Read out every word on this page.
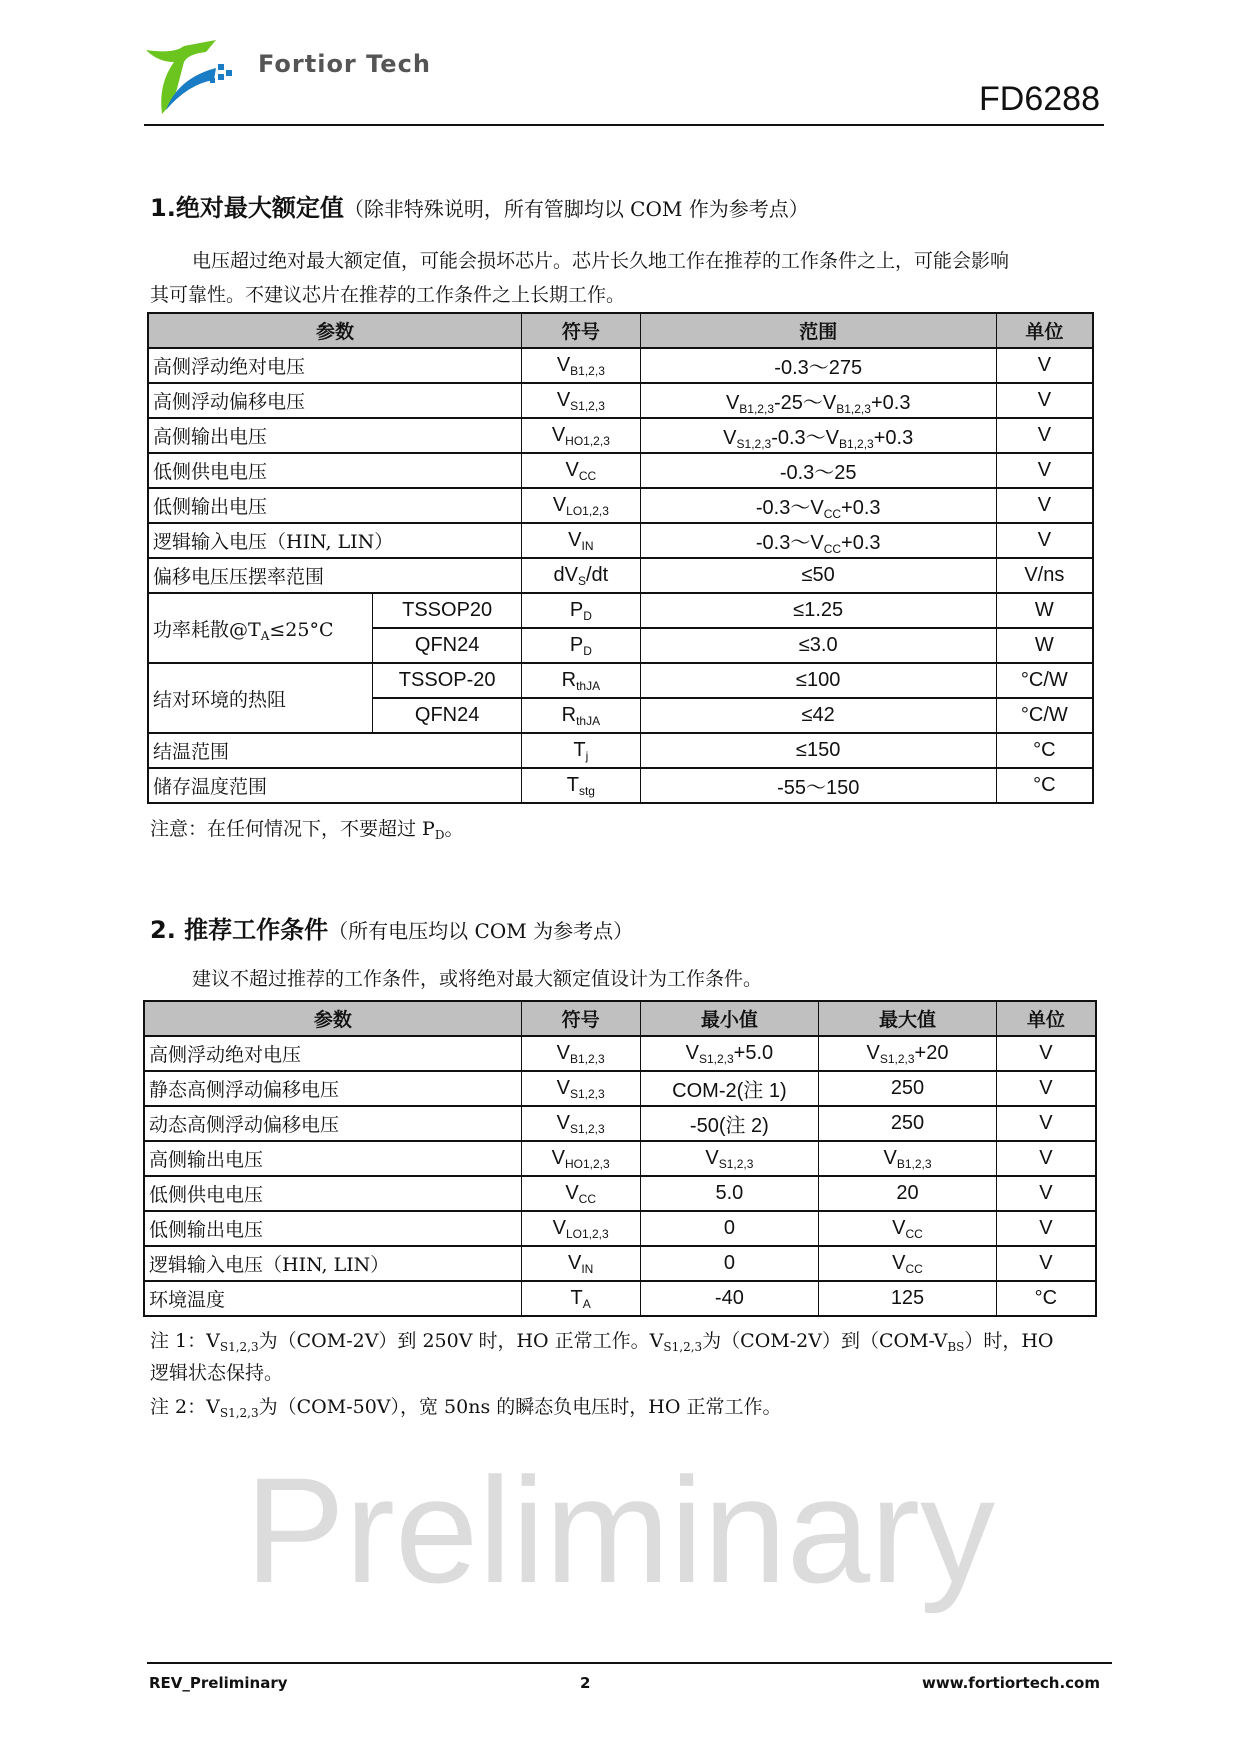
Fortior Tech
FD6288
1.绝对最大额定值（除非特殊说明，所有管脚均以 COM 作为参考点）
电压超过绝对最大额定值，可能会损坏芯片。芯片长久地工作在推荐的工作条件之上，可能会影响
其可靠性。不建议芯片在推荐的工作条件之上长期工作。
参数		符号	范围	单位
高侧浮动绝对电压		$V_{B1,2,3}$	-0.3～275	V
高侧浮动偏移电压		$V_{S1,2,3}$	$V_{B1,2,3}-25\sim V_{B1,2,3}+0.3$	V
高侧输出电压		$V_{HO1,2,3}$	$V_{S1,2,3}-0.3\sim V_{B1,2,3}+0.3$	V
低侧供电电压		$V_{CC}$	-0.3～25	V
低侧输出电压		$V_{LO1,2,3}$	$-0.3\sim V_{CC}+0.3$	V
逻辑输入电压（HIN, LIN）		$V_{IN}$	$-0.3\sim V_{CC}+0.3$	V
偏移电压压摆率范围		$dV_S/dt$	≤50	V/ns
功率耗散$@T_A\le 25^\circ C$	TSSOP20	$P_D$	≤1.25	W
	QFN24	$P_D$	≤3.0	W
结对环境的热阻	TSSOP-20	$R_{thJA}$	≤100	°C/W
	QFN24	$R_{thJA}$	≤42	°C/W
结温范围		$T_j$	≤150	°C
储存温度范围		$T_{stg}$	-55～150	°C
注意：在任何情况下，不要超过 $P_D$。
2. 推荐工作条件（所有电压均以 COM 为参考点）
建议不超过推荐的工作条件，或将绝对最大额定值设计为工作条件。
参数	符号	最小值	最大值	单位
高侧浮动绝对电压	$V_{B1,2,3}$	$V_{S1,2,3}+5.0$	$V_{S1,2,3}+20$	V
静态高侧浮动偏移电压	$V_{S1,2,3}$	COM-2(注 1)	250	V
动态高侧浮动偏移电压	$V_{S1,2,3}$	-50(注 2)	250	V
高侧输出电压	$V_{HO1,2,3}$	$V_{S1,2,3}$	$V_{B1,2,3}$	V
低侧供电电压	$V_{CC}$	5.0	20	V
低侧输出电压	$V_{LO1,2,3}$	0	$V_{CC}$	V
逻辑输入电压（HIN, LIN）	$V_{IN}$	0	$V_{CC}$	V
环境温度	$T_A$	-40	125	°C
注 1：$V_{S1,2,3}$为（COM-2V）到 250V 时，HO 正常工作。$V_{S1,2,3}$为（COM-2V）到$(COM-V_{BS})$时，HO
逻辑状态保持。
注 2：$V_{S1,2,3}$为（COM-50V），宽 50ns 的瞬态负电压时，HO 正常工作。
Preliminary
REV_Preliminary	2	www.fortiortech.com
